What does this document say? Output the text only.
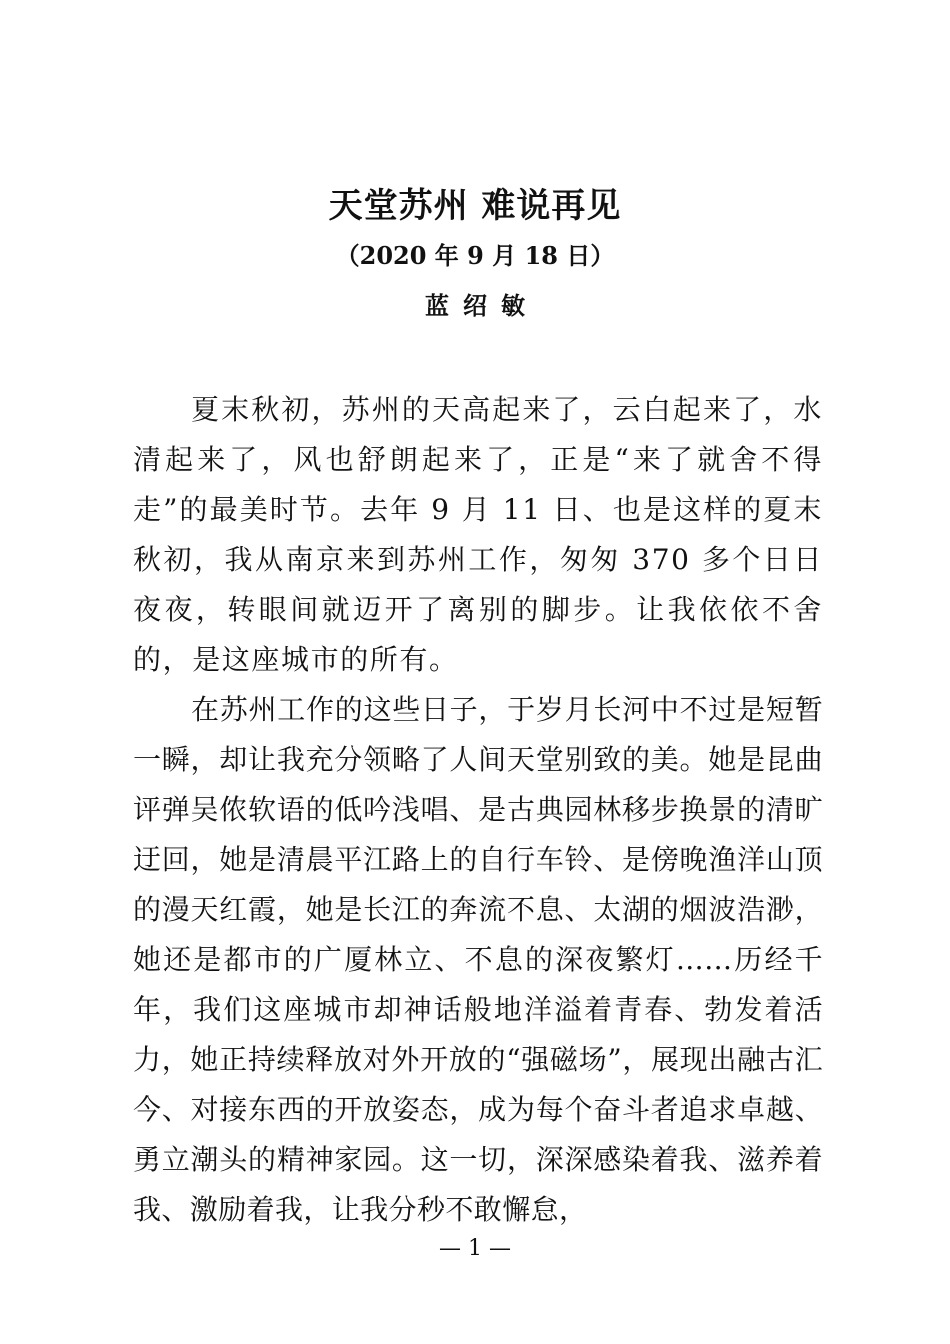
天堂苏州 难说再见

（2020 年 9 月 18 日）

蓝绍敏

夏末秋初，苏州的天高起来了，云白起来了，水清起来了，风也舒朗起来了，正是“来了就舍不得走”的最美时节。去年 9 月 11 日、也是这样的夏末秋初，我从南京来到苏州工作，匆匆 370 多个日日夜夜，转眼间就迈开了离别的脚步。让我依依不舍的，是这座城市的所有。

在苏州工作的这些日子，于岁月长河中不过是短暂一瞬，却让我充分领略了人间天堂别致的美。她是昆曲评弹吴侬软语的低吟浅唱、是古典园林移步换景的清旷迂回，她是清晨平江路上的自行车铃、是傍晚渔洋山顶的漫天红霞，她是长江的奔流不息、太湖的烟波浩渺，她还是都市的广厦林立、不息的深夜繁灯……历经千年，我们这座城市却神话般地洋溢着青春、勃发着活力，她正持续释放对外开放的“强磁场”，展现出融古汇今、对接东西的开放姿态，成为每个奋斗者追求卓越、勇立潮头的精神家园。这一切，深深感染着我、滋养着我、激励着我，让我分秒不敢懈怠，

— 1 —
